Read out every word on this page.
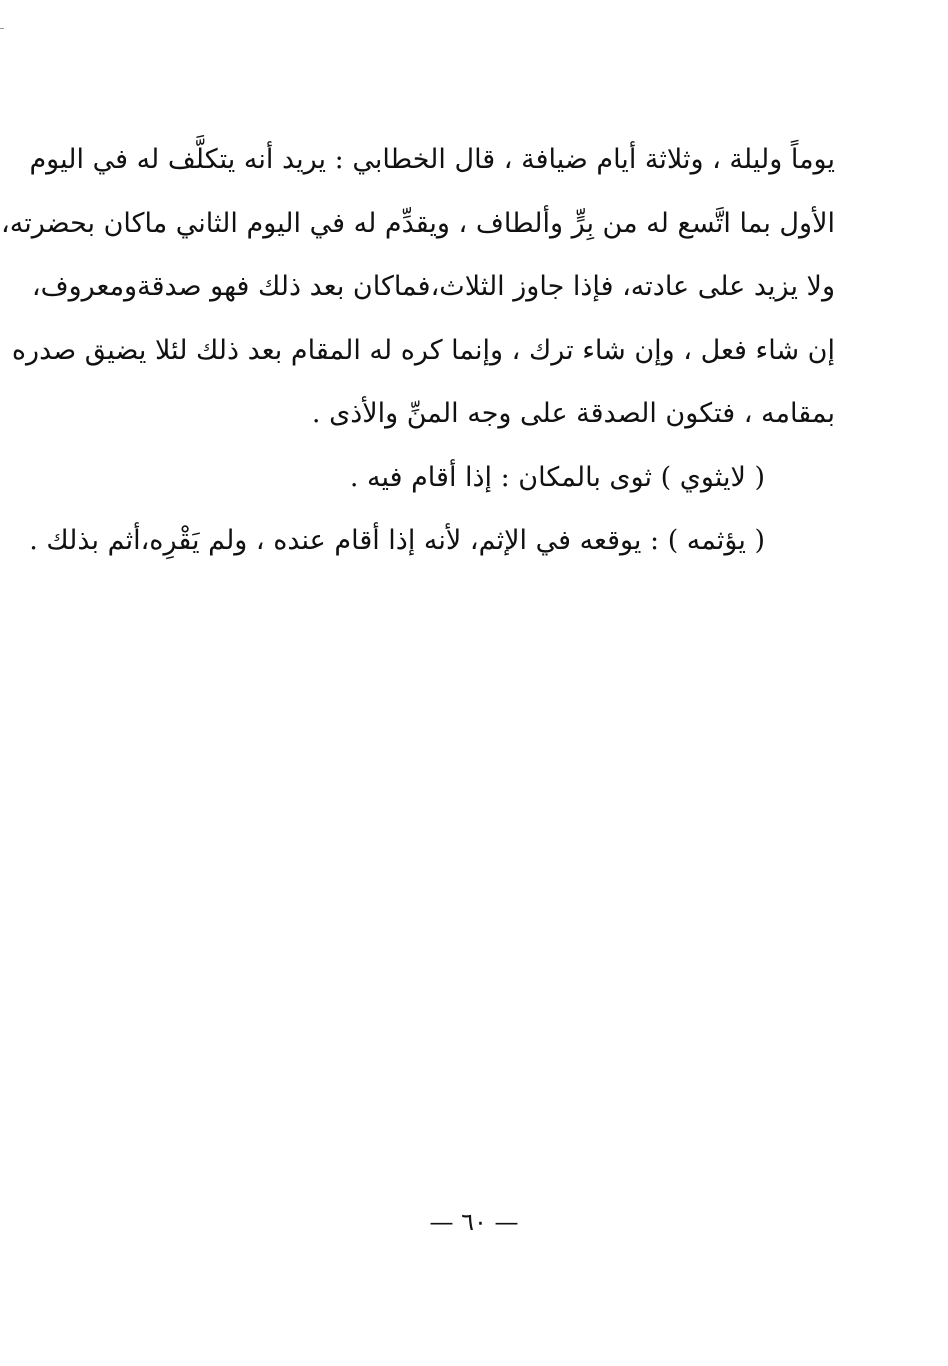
يوماً وليلة ، وثلاثة أيام ضيافة ، قال الخطابي : يريد أنه يتكلَّف له في اليوم
الأول بما اتَّسع له من بِرٍّ وألطاف ، ويقدِّم له في اليوم الثاني ماكان بحضرته،
ولا يزيد على عادته، فإذا جاوز الثلاث،فماكان بعد ذلك فهو صدقةومعروف،
إن شاء فعل ، وإن شاء ترك ، وإنما كره له المقام بعد ذلك لئلا يضيق صدره
بمقامه ، فتكون الصدقة على وجه المنِّ والأذى .
( لايثوي ) ثوى بالمكان : إذا أقام فيه .
( يؤثمه ) : يوقعه في الإثم، لأنه إذا أقام عنده ، ولم يَقْرِه،أثم بذلك .
— ٦٠ —
